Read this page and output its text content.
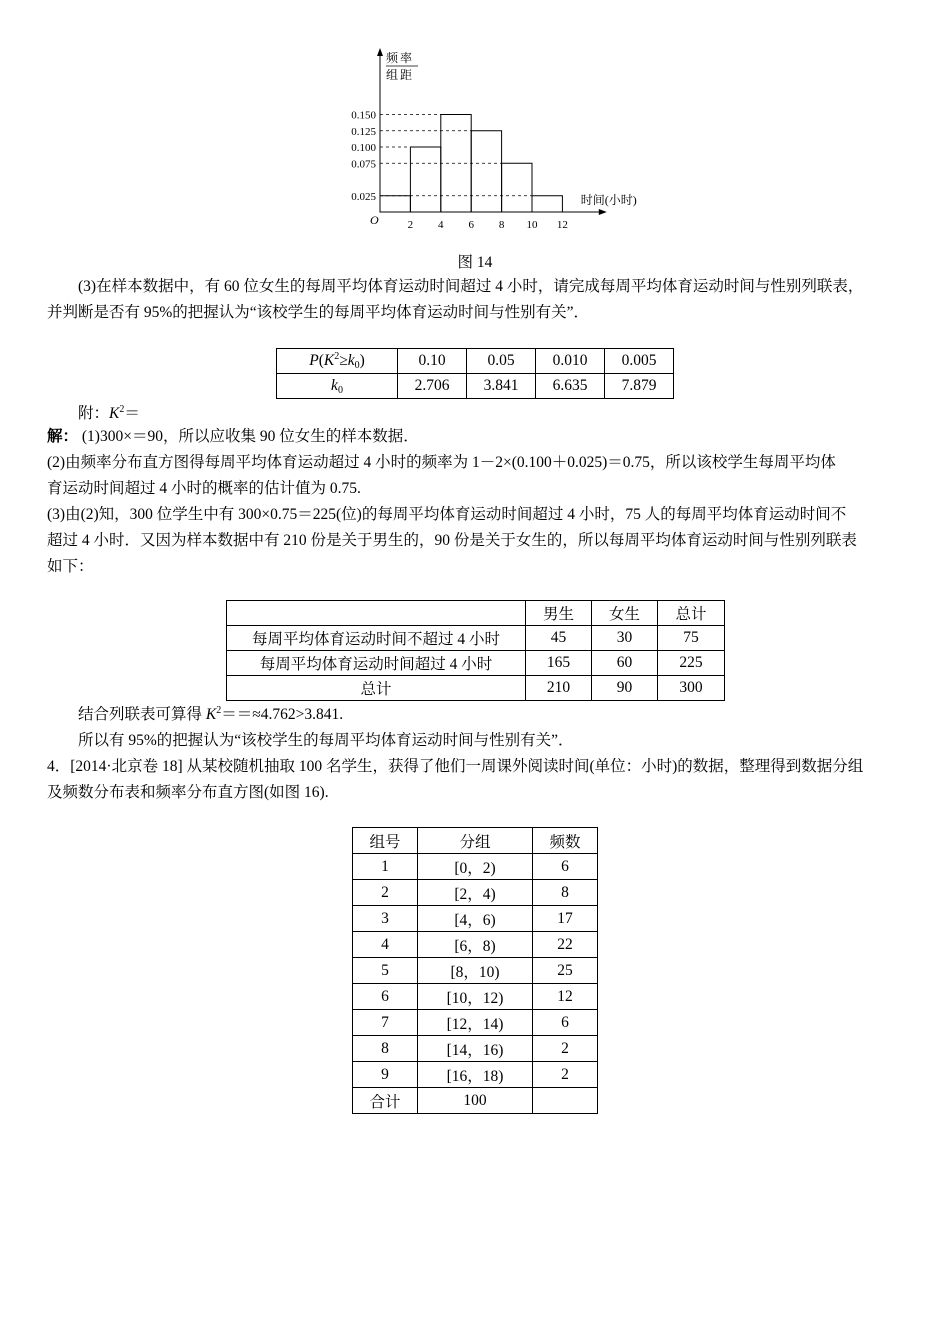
2 4 6 8 10 12
0.150
0.125
0.100
0.075
0.025
O
时间(小时)
频率
组距
图 14
(3)在样本数据中，有 60 位女生的每周平均体育运动时间超过 4 小时，请完成每周平均体育运动时间与性别列联表，
并判断是否有 95%的把握认为“该校学生的每周平均体育运动时间与性别有关”．
$P(K^2\ge k_0)$	0.10	0.05	0.010	0.005
$k_0$	2.706	3.841	6.635	7.879
附：$K^2=$
解： (1)300×＝90，所以应收集 90 位女生的样本数据．
(2)由频率分布直方图得每周平均体育运动超过 4 小时的频率为 1－2×(0.100＋0.025)＝0.75，所以该校学生每周平均体
育运动时间超过 4 小时的概率的估计值为 0.75.
(3)由(2)知，300 位学生中有 300×0.75＝225(位)的每周平均体育运动时间超过 4 小时，75 人的每周平均体育运动时间不
超过 4 小时．又因为样本数据中有 210 份是关于男生的，90 份是关于女生的，所以每周平均体育运动时间与性别列联表
如下：
	男生	女生	总计
每周平均体育运动时间不超过 4 小时	45	30	75
每周平均体育运动时间超过 4 小时	165	60	225
总计	210	90	300
结合列联表可算得 $K^2==\approx 4.762>3.841$.
所以有 95%的把握认为“该校学生的每周平均体育运动时间与性别有关”．
4．[2014·北京卷 18] 从某校随机抽取 100 名学生，获得了他们一周课外阅读时间(单位：小时)的数据，整理得到数据分组
及频数分布表和频率分布直方图(如图 16).
组号	分组	频数
1	[0，2)	6
2	[2，4)	8
3	[4，6)	17
4	[6，8)	22
5	[8，10)	25
6	[10，12)	12
7	[12，14)	6
8	[14，16)	2
9	[16，18)	2
合计	100	
